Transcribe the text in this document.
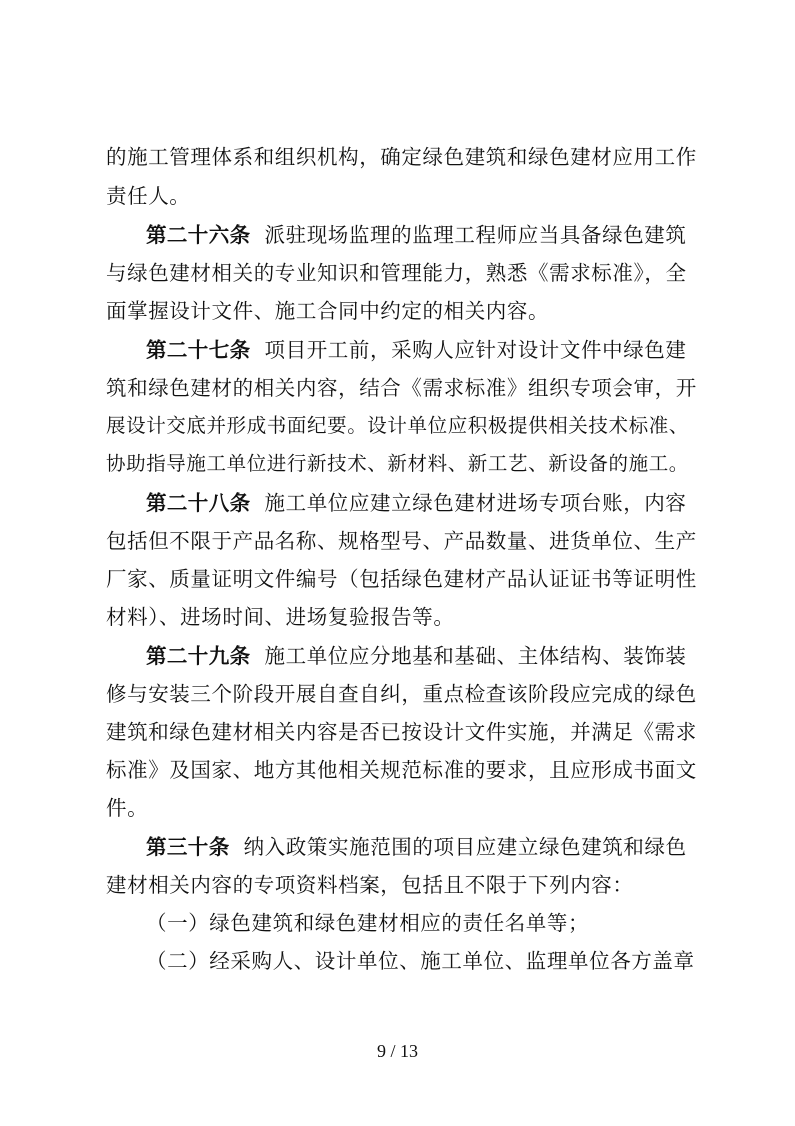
的施工管理体系和组织机构，确定绿色建筑和绿色建材应用工作
责任人。
第二十六条 派驻现场监理的监理工程师应当具备绿色建筑
与绿色建材相关的专业知识和管理能力，熟悉《需求标准》，全
面掌握设计文件、施工合同中约定的相关内容。
第二十七条 项目开工前，采购人应针对设计文件中绿色建
筑和绿色建材的相关内容，结合《需求标准》组织专项会审，开
展设计交底并形成书面纪要。设计单位应积极提供相关技术标准、
协助指导施工单位进行新技术、新材料、新工艺、新设备的施工。
第二十八条 施工单位应建立绿色建材进场专项台账，内容
包括但不限于产品名称、规格型号、产品数量、进货单位、生产
厂家、质量证明文件编号（包括绿色建材产品认证证书等证明性
材料）、进场时间、进场复验报告等。
第二十九条 施工单位应分地基和基础、主体结构、装饰装
修与安装三个阶段开展自查自纠，重点检查该阶段应完成的绿色
建筑和绿色建材相关内容是否已按设计文件实施，并满足《需求
标准》及国家、地方其他相关规范标准的要求，且应形成书面文
件。
第三十条 纳入政策实施范围的项目应建立绿色建筑和绿色
建材相关内容的专项资料档案，包括且不限于下列内容：
（一）绿色建筑和绿色建材相应的责任名单等；
（二）经采购人、设计单位、施工单位、监理单位各方盖章
9 / 13
